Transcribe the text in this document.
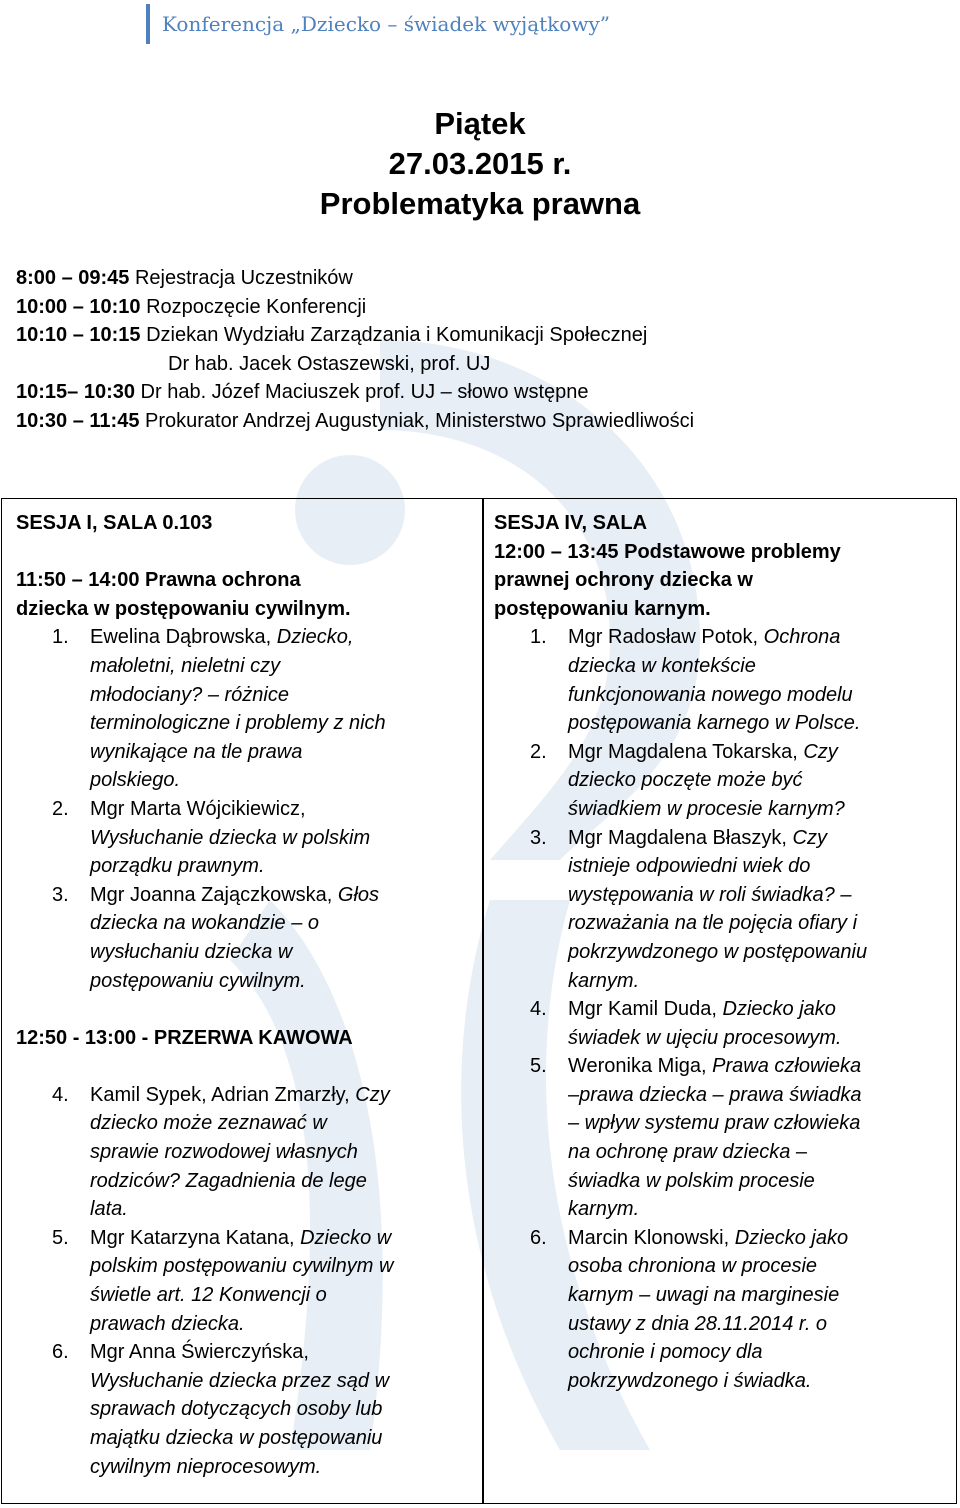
Konferencja „Dziecko – świadek wyjątkowy”
Piątek
27.03.2015 r.
Problematyka prawna
8:00 – 09:45 Rejestracja Uczestników
10:00 – 10:10 Rozpoczęcie Konferencji
10:10 – 10:15 Dziekan Wydziału Zarządzania i Komunikacji Społecznej
Dr hab. Jacek Ostaszewski, prof. UJ
10:15– 10:30 Dr hab. Józef Maciuszek prof. UJ – słowo wstępne
10:30 – 11:45 Prokurator Andrzej Augustyniak, Ministerstwo Sprawiedliwości
SESJA I, SALA 0.103
11:50 – 14:00 Prawna ochrona
dziecka w postępowaniu cywilnym.
1. Ewelina Dąbrowska, Dziecko,
małoletni, nieletni czy
młodociany? – różnice
terminologiczne i problemy z nich
wynikające na tle prawa
polskiego.
2. Mgr Marta Wójcikiewicz,
Wysłuchanie dziecka w polskim
porządku prawnym.
3. Mgr Joanna Zajączkowska, Głos
dziecka na wokandzie – o
wysłuchaniu dziecka w
postępowaniu cywilnym.
12:50 - 13:00 - PRZERWA KAWOWA
4. Kamil Sypek, Adrian Zmarzły, Czy
dziecko może zeznawać w
sprawie rozwodowej własnych
rodziców? Zagadnienia de lege
lata.
5. Mgr Katarzyna Katana, Dziecko w
polskim postępowaniu cywilnym w
świetle art. 12 Konwencji o
prawach dziecka.
6. Mgr Anna Świerczyńska,
Wysłuchanie dziecka przez sąd w
sprawach dotyczących osoby lub
majątku dziecka w postępowaniu
cywilnym nieprocesowym.
SESJA IV, SALA
12:00 – 13:45 Podstawowe problemy
prawnej ochrony dziecka w
postępowaniu karnym.
1. Mgr Radosław Potok, Ochrona
dziecka w kontekście
funkcjonowania nowego modelu
postępowania karnego w Polsce.
2. Mgr Magdalena Tokarska, Czy
dziecko poczęte może być
świadkiem w procesie karnym?
3. Mgr Magdalena Błaszyk, Czy
istnieje odpowiedni wiek do
występowania w roli świadka? –
rozważania na tle pojęcia ofiary i
pokrzywdzonego w postępowaniu
karnym.
4. Mgr Kamil Duda, Dziecko jako
świadek w ujęciu procesowym.
5. Weronika Miga, Prawa człowieka
–prawa dziecka – prawa świadka
– wpływ systemu praw człowieka
na ochronę praw dziecka –
świadka w polskim procesie
karnym.
6. Marcin Klonowski, Dziecko jako
osoba chroniona w procesie
karnym – uwagi na marginesie
ustawy z dnia 28.11.2014 r. o
ochronie i pomocy dla
pokrzywdzonego i świadka.
